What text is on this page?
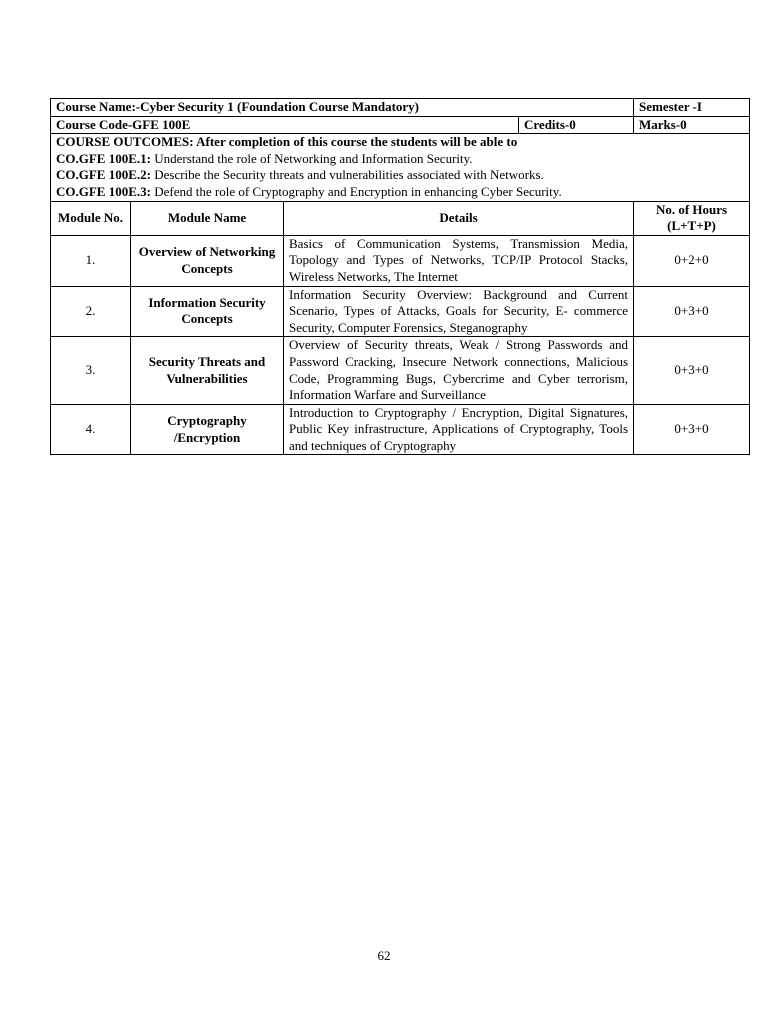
Course Name:-Cyber Security 1 (Foundation Course Mandatory)				Semester -I
Course Code-GFE 100E			Credits-0	Marks-0

COURSE OUTCOMES: After completion of this course the students will be able to
CO.GFE 100E.1: Understand the role of Networking and Information Security.
CO.GFE 100E.2: Describe the Security threats and vulnerabilities associated with Networks.
CO.GFE 100E.3: Defend the role of Cryptography and Encryption in enhancing Cyber Security.				

Module No.	Module Name	Details		No. of Hours (L+T+P)
1.	Overview of Networking Concepts	Basics of Communication Systems, Transmission Media, Topology and Types of Networks, TCP/IP Protocol Stacks, Wireless Networks, The Internet		0+2+0
2.	Information Security Concepts	Information Security Overview: Background and Current Scenario, Types of Attacks, Goals for Security, E- commerce Security, Computer Forensics, Steganography		0+3+0
3.	Security Threats and Vulnerabilities	Overview of Security threats, Weak / Strong Passwords and Password Cracking, Insecure Network connections, Malicious Code, Programming Bugs, Cybercrime and Cyber terrorism, Information Warfare and Surveillance		0+3+0
4.	Cryptography /Encryption	Introduction to Cryptography / Encryption, Digital Signatures, Public Key infrastructure, Applications of Cryptography, Tools and techniques of Cryptography		0+3+0
62
